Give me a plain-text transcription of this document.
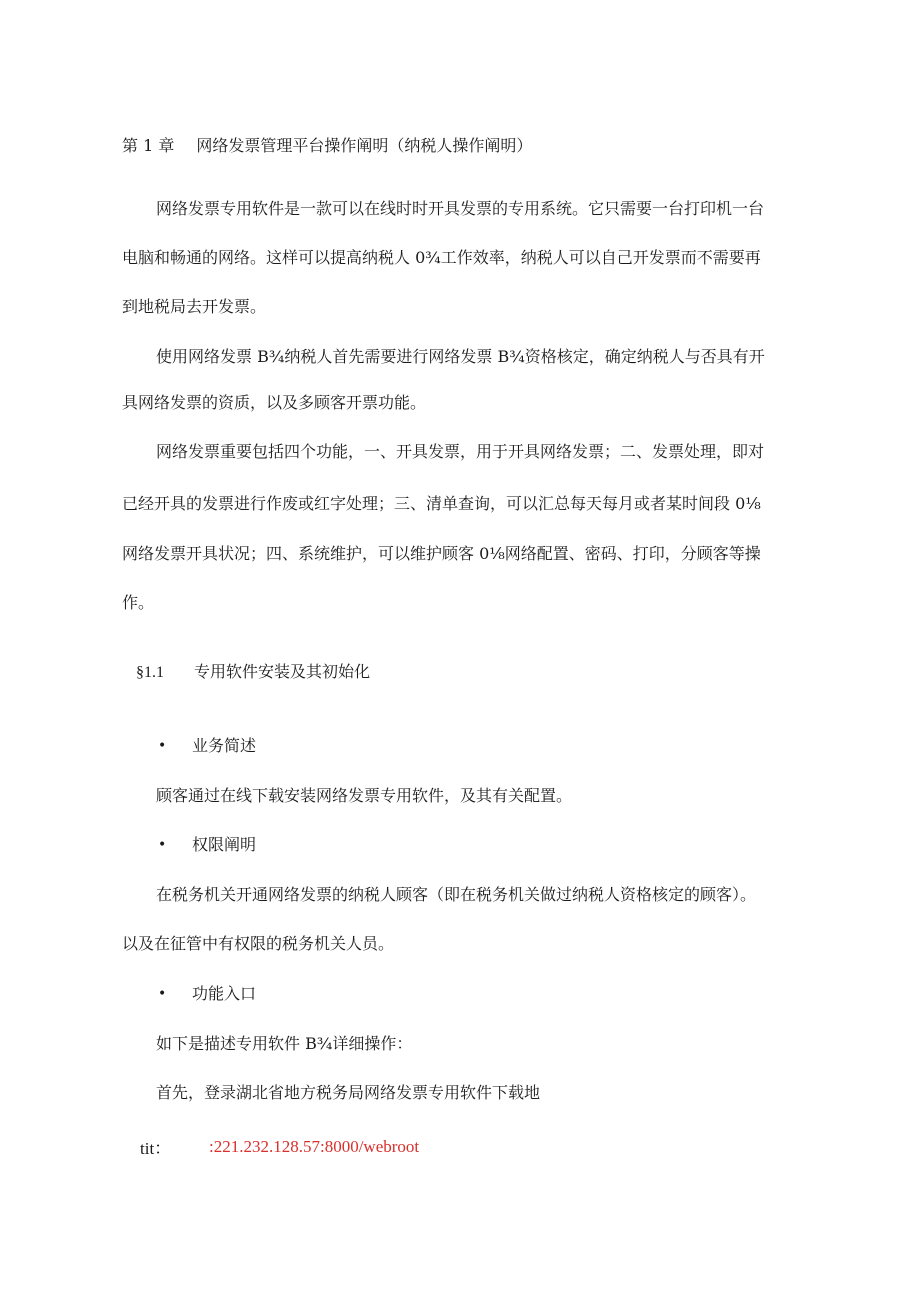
第 1 章 网络发票管理平台操作阐明（纳税人操作阐明）
网络发票专用软件是一款可以在线时时开具发票的专用系统。它只需要一台打印机一台
电脑和畅通的网络。这样可以提高纳税人 0¾工作效率，纳税人可以自己开发票而不需要再
到地税局去开发票。
使用网络发票 B¾纳税人首先需要进行网络发票 B¾资格核定，确定纳税人与否具有开
具网络发票的资质，以及多顾客开票功能。
网络发票重要包括四个功能，一、开具发票，用于开具网络发票；二、发票处理，即对
已经开具的发票进行作废或红字处理；三、清单查询，可以汇总每天每月或者某时间段 0⅛
网络发票开具状况；四、系统维护，可以维护顾客 0⅛网络配置、密码、打印，分顾客等操
作。
§1.1 专用软件安装及其初始化
• 业务简述
顾客通过在线下载安装网络发票专用软件，及其有关配置。
• 权限阐明
在税务机关开通网络发票的纳税人顾客（即在税务机关做过纳税人资格核定的顾客）。
以及在征管中有权限的税务机关人员。
• 功能入口
如下是描述专用软件 B¾详细操作：
首先，登录湖北省地方税务局网络发票专用软件下载地
tit： :221.232.128.57:8000/webroot
